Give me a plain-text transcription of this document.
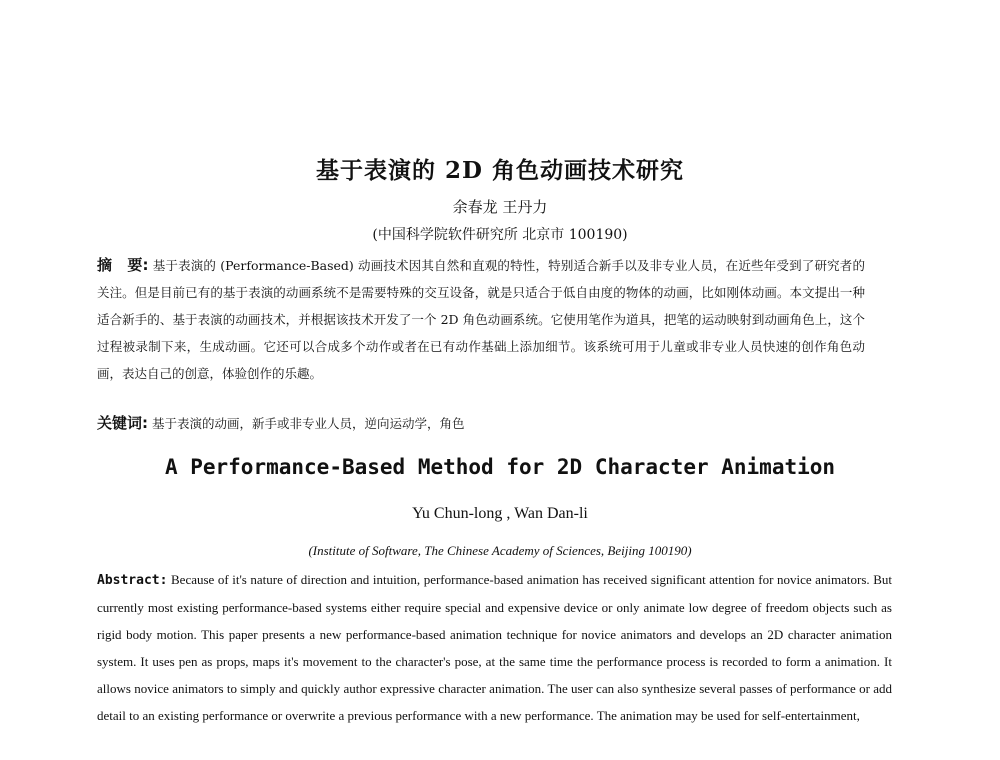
基于表演的 2D 角色动画技术研究
余春龙 王丹力
(中国科学院软件研究所 北京市 100190)
摘　要: 基于表演的 (Performance-Based) 动画技术因其自然和直观的特性，特别适合新手以及非专业人员，在近些年受到了研究者的关注。但是目前已有的基于表演的动画系统不是需要特殊的交互设备，就是只适合于低自由度的物体的动画，比如刚体动画。本文提出一种适合新手的、基于表演的动画技术，并根据该技术开发了一个 2D 角色动画系统。它使用笔作为道具，把笔的运动映射到动画角色上，这个过程被录制下来，生成动画。它还可以合成多个动作或者在已有动作基础上添加细节。该系统可用于儿童或非专业人员快速的创作角色动画，表达自己的创意，体验创作的乐趣。
关键词: 基于表演的动画，新手或非专业人员，逆向运动学，角色
A Performance-Based Method for 2D Character Animation
Yu Chun-long , Wan Dan-li
(Institute of Software, The Chinese Academy of Sciences, Beijing 100190)
Abstract: Because of it's nature of direction and intuition, performance-based animation has received significant attention for novice animators. But currently most existing performance-based systems either require special and expensive device or only animate low degree of freedom objects such as rigid body motion. This paper presents a new performance-based animation technique for novice animators and develops an 2D character animation system. It uses pen as props, maps it's movement to the character's pose, at the same time the performance process is recorded to form a animation. It allows novice animators to simply and quickly author expressive character animation. The user can also synthesize several passes of performance or add detail to an existing performance or overwrite a previous performance with a new performance. The animation may be used for self-entertainment,
